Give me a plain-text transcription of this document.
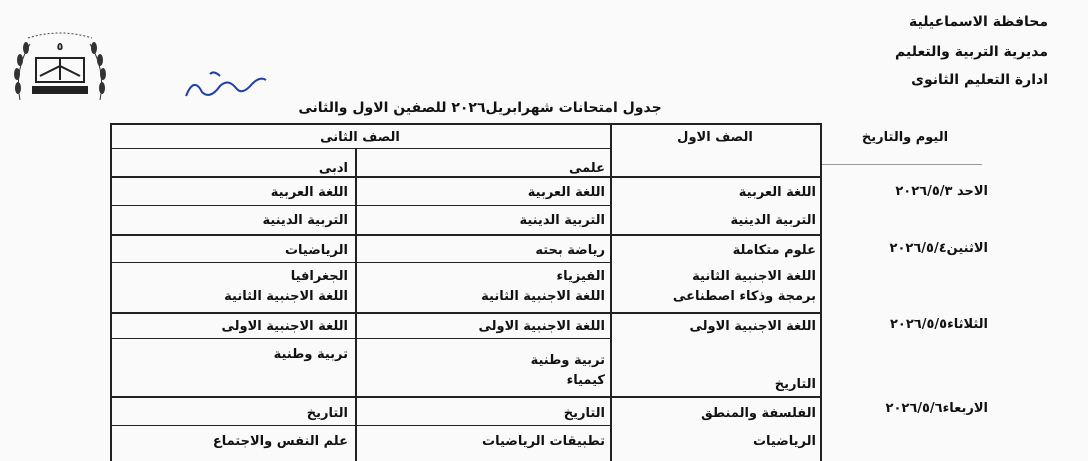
محافظة الاسماعيلية
مديرية التربية والتعليم
ادارة التعليم الثانوى
٥
جدول امتحانات شهرابريل٢٠٢٦ للصفين الاول والثانى
اليوم والتاريخ
الصف الاول
الصف الثانى
علمى
ادبى
الاحد ٢٠٢٦/٥/٣
اللغة العربية
اللغة العربية
اللغة العربية
التربية الدينية
التربية الدينية
التربية الدينية
الاثنين٢٠٢٦/٥/٤
علوم متكاملة
رياضة بحته
الرياضيات
اللغة الاجنبية الثانية
برمجة وذكاء اصطناعى
الفيزياء
اللغة الاجنبية الثانية
الجغرافيا
اللغة الاجنبية الثانية
الثلاثاء٢٠٢٦/٥/٥
اللغة الاجنبية الاولى
اللغة الاجنبية الاولى
اللغة الاجنبية الاولى
التاريخ
تربية وطنية
كيمياء
تربية وطنية
الاربعاء٢٠٢٦/٥/٦
الفلسفة والمنطق
التاريخ
التاريخ
الرياضيات
تطبيقات الرياضيات
علم النفس والاجتماع
